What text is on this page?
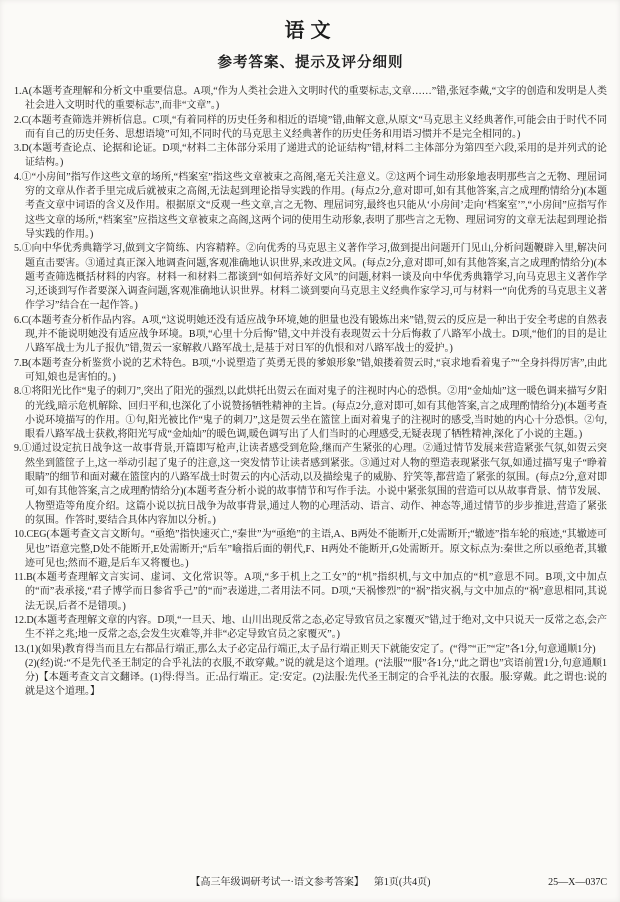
语文
参考答案、提示及评分细则

1.A(本题考查理解和分析文中重要信息。A项,“作为人类社会进入文明时代的重要标志,文章……”错,张冠李戴,“文字的创造和发明是人类社会进入文明时代的重要标志”,而非“文章”。)

2.C(本题考查筛选并辨析信息。C项,“有着同样的历史任务和相近的语境”错,曲解文意,从原文“马克思主义经典著作,可能会由于时代不同而有自己的历史任务、思想语境”可知,不同时代的马克思主义经典著作的历史任务和用语习惯并不是完全相同的。)

3.D(本题考查论点、论据和论证。D项,“材料二主体部分采用了递进式的论证结构”错,材料二主体部分为第四至六段,采用的是并列式的论证结构。)

4.①“小房间”指写作这些文章的场所,“档案室”指这些文章被束之高阁,毫无关注意义。②这两个词生动形象地表明那些言之无物、理屈词穷的文章从作者手里完成后就被束之高阁,无法起到理论指导实践的作用。(每点2分,意对即可,如有其他答案,言之成理酌情给分)(本题考查文章中词语的含义及作用。根据原文“反观一些文章,言之无物、理屈词穷,最终也只能从‘小房间’走向‘档案室’”,“小房间”应指写作这些文章的场所,“档案室”应指这些文章被束之高阁,这两个词的使用生动形象,表明了那些言之无物、理屈词穷的文章无法起到理论指导实践的作用。)

5.①向中华优秀典籍学习,做到文字简练、内容精粹。②向优秀的马克思主义著作学习,做到提出问题开门见山,分析问题鞭辟入里,解决问题直击要害。③通过真正深入地调查问题,客观准确地认识世界,来改进文风。(每点2分,意对即可,如有其他答案,言之成理酌情给分)(本题考查筛选概括材料的内容。材料一和材料二都谈到“如何培养好文风”的问题,材料一谈及向中华优秀典籍学习,向马克思主义著作学习,还谈到写作者要深入调查问题,客观准确地认识世界。材料二谈到要向马克思主义经典作家学习,可与材料一“向优秀的马克思主义著作学习”结合在一起作答。)

6.C(本题考查分析作品内容。A项,“这说明她还没有适应战争环境,她的胆量也没有锻炼出来”错,贺云的反应是一种出于安全考虑的自然表现,并不能说明她没有适应战争环境。B项,“心里十分后悔”错,文中并没有表现贺云十分后悔救了八路军小战士。D项,“他们的目的是让八路军战士为儿子报仇”错,贺云一家解救八路军战士,是基于对日军的仇恨和对八路军战士的爱护。)

7.B(本题考查分析鉴赏小说的艺术特色。B项,“小说塑造了英勇无畏的爹娘形象”错,娘搂着贺云时,“哀求地看着鬼子”“全身抖得厉害”,由此可知,娘也是害怕的。)

8.①将阳光比作“鬼子的刺刀”,突出了阳光的强烈,以此烘托出贺云在面对鬼子的注视时内心的恐惧。②用“金灿灿”这一暖色调来描写夕阳的光线,暗示危机解除、回归平和,也深化了小说赞扬牺牲精神的主旨。(每点2分,意对即可,如有其他答案,言之成理酌情给分)(本题考查小说环境描写的作用。①句,阳光被比作“鬼子的刺刀”,这是贺云坐在篮筐上面对着鬼子的注视时的感受,当时她的内心十分恐惧。②句,眼看八路军战士获救,将阳光写成“金灿灿”的暖色调,暖色调写出了人们当时的心理感受,无疑表现了牺牲精神,深化了小说的主题。)

9.①通过设定抗日战争这一故事背景,开篇即写枪声,让读者感受到危险,继而产生紧张的心理。②通过情节发展来营造紧张气氛,如贺云突然坐到篮筐子上,这一举动引起了鬼子的注意,这一突发情节让读者感到紧张。③通过对人物的塑造表现紧张气氛,如通过描写鬼子“睁着眼睛”的细节和面对藏在篮筐内的八路军战士时贺云的内心活动,以及描绘鬼子的威胁、狞笑等,都营造了紧张的氛围。(每点2分,意对即可,如有其他答案,言之成理酌情给分)(本题考查分析小说的故事情节和写作手法。小说中紧张氛围的营造可以从故事背景、情节发展、人物塑造等角度介绍。这篇小说以抗日战争为故事背景,通过人物的心理活动、语言、动作、神态等,通过情节的步步推进,营造了紧张的氛围。作答时,要结合具体内容加以分析。)

10.CEG(本题考查文言文断句。“亟绝”指快速灭亡,“秦世”为“亟绝”的主语,A、B两处不能断开,C处需断开;“辙迹”指车轮的痕迹,“其辙迹可见也”语意完整,D处不能断开,E处需断开;“后车”喻指后面的朝代,F、H两处不能断开,G处需断开。原文标点为:秦世之所以亟绝者,其辙迹可见也;然而不避,是后车又将覆也。)

11.B(本题考查理解文言实词、虚词、文化常识等。A项,“多于机上之工女”的“机”指织机,与文中加点的“机”意思不同。B项,文中加点的“而”表承接,“君子博学而日参省乎己”的“而”表递进,二者用法不同。D项,“天祸惨烈”的“祸”指灾祸,与文中加点的“祸”意思相同,其说法无误,后者不是错项。)

12.D(本题考查理解文章的内容。D项,“一旦天、地、山川出现反常之态,必定导致官员之家覆灭”错,过于绝对,文中只说天一反常之态,会产生不祥之兆;地一反常之态,会发生灾难等,并非“必定导致官员之家覆灭”。)

13.(1)(如果)教育得当而且左右都品行端正,那么太子必定品行端正,太子品行端正则天下就能安定了。(“得”“正”“定”各1分,句意通顺1分)

(2)(经)说:“不是先代圣王制定的合乎礼法的衣服,不敢穿戴。”说的就是这个道理。(“法服”“服”各1分,“此之谓也”宾语前置1分,句意通顺1分)【本题考查文言文翻译。(1)得:得当。正:品行端正。定:安定。(2)法服:先代圣王制定的合乎礼法的衣服。服:穿戴。此之谓也:说的就是这个道理。】

【高三年级调研考试一·语文参考答案】 第1页(共4页)	25—X—037C
